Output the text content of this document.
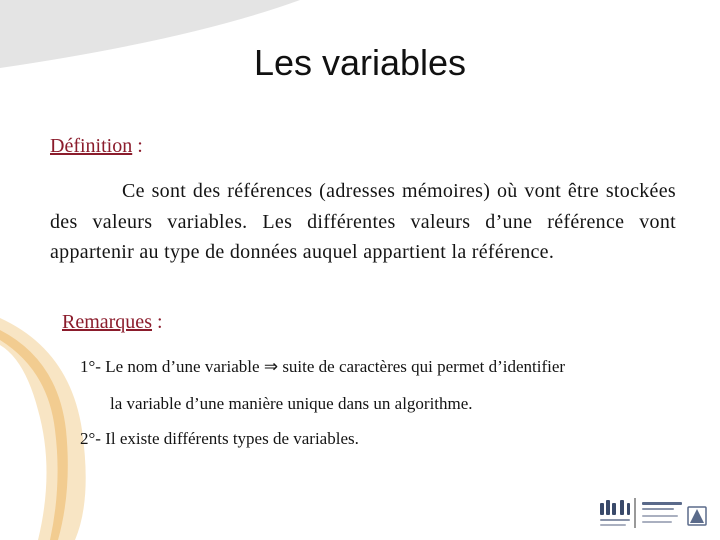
Les variables
Définition :
Ce sont des références (adresses mémoires) où vont être stockées des valeurs variables. Les différentes valeurs d’une référence vont appartenir au type de données auquel appartient la référence.
Remarques :
1°- Le nom d’une variable ⇒ suite de caractères qui permet d’identifier
la variable d’une manière unique dans un algorithme.
2°- Il existe différents types de variables.
